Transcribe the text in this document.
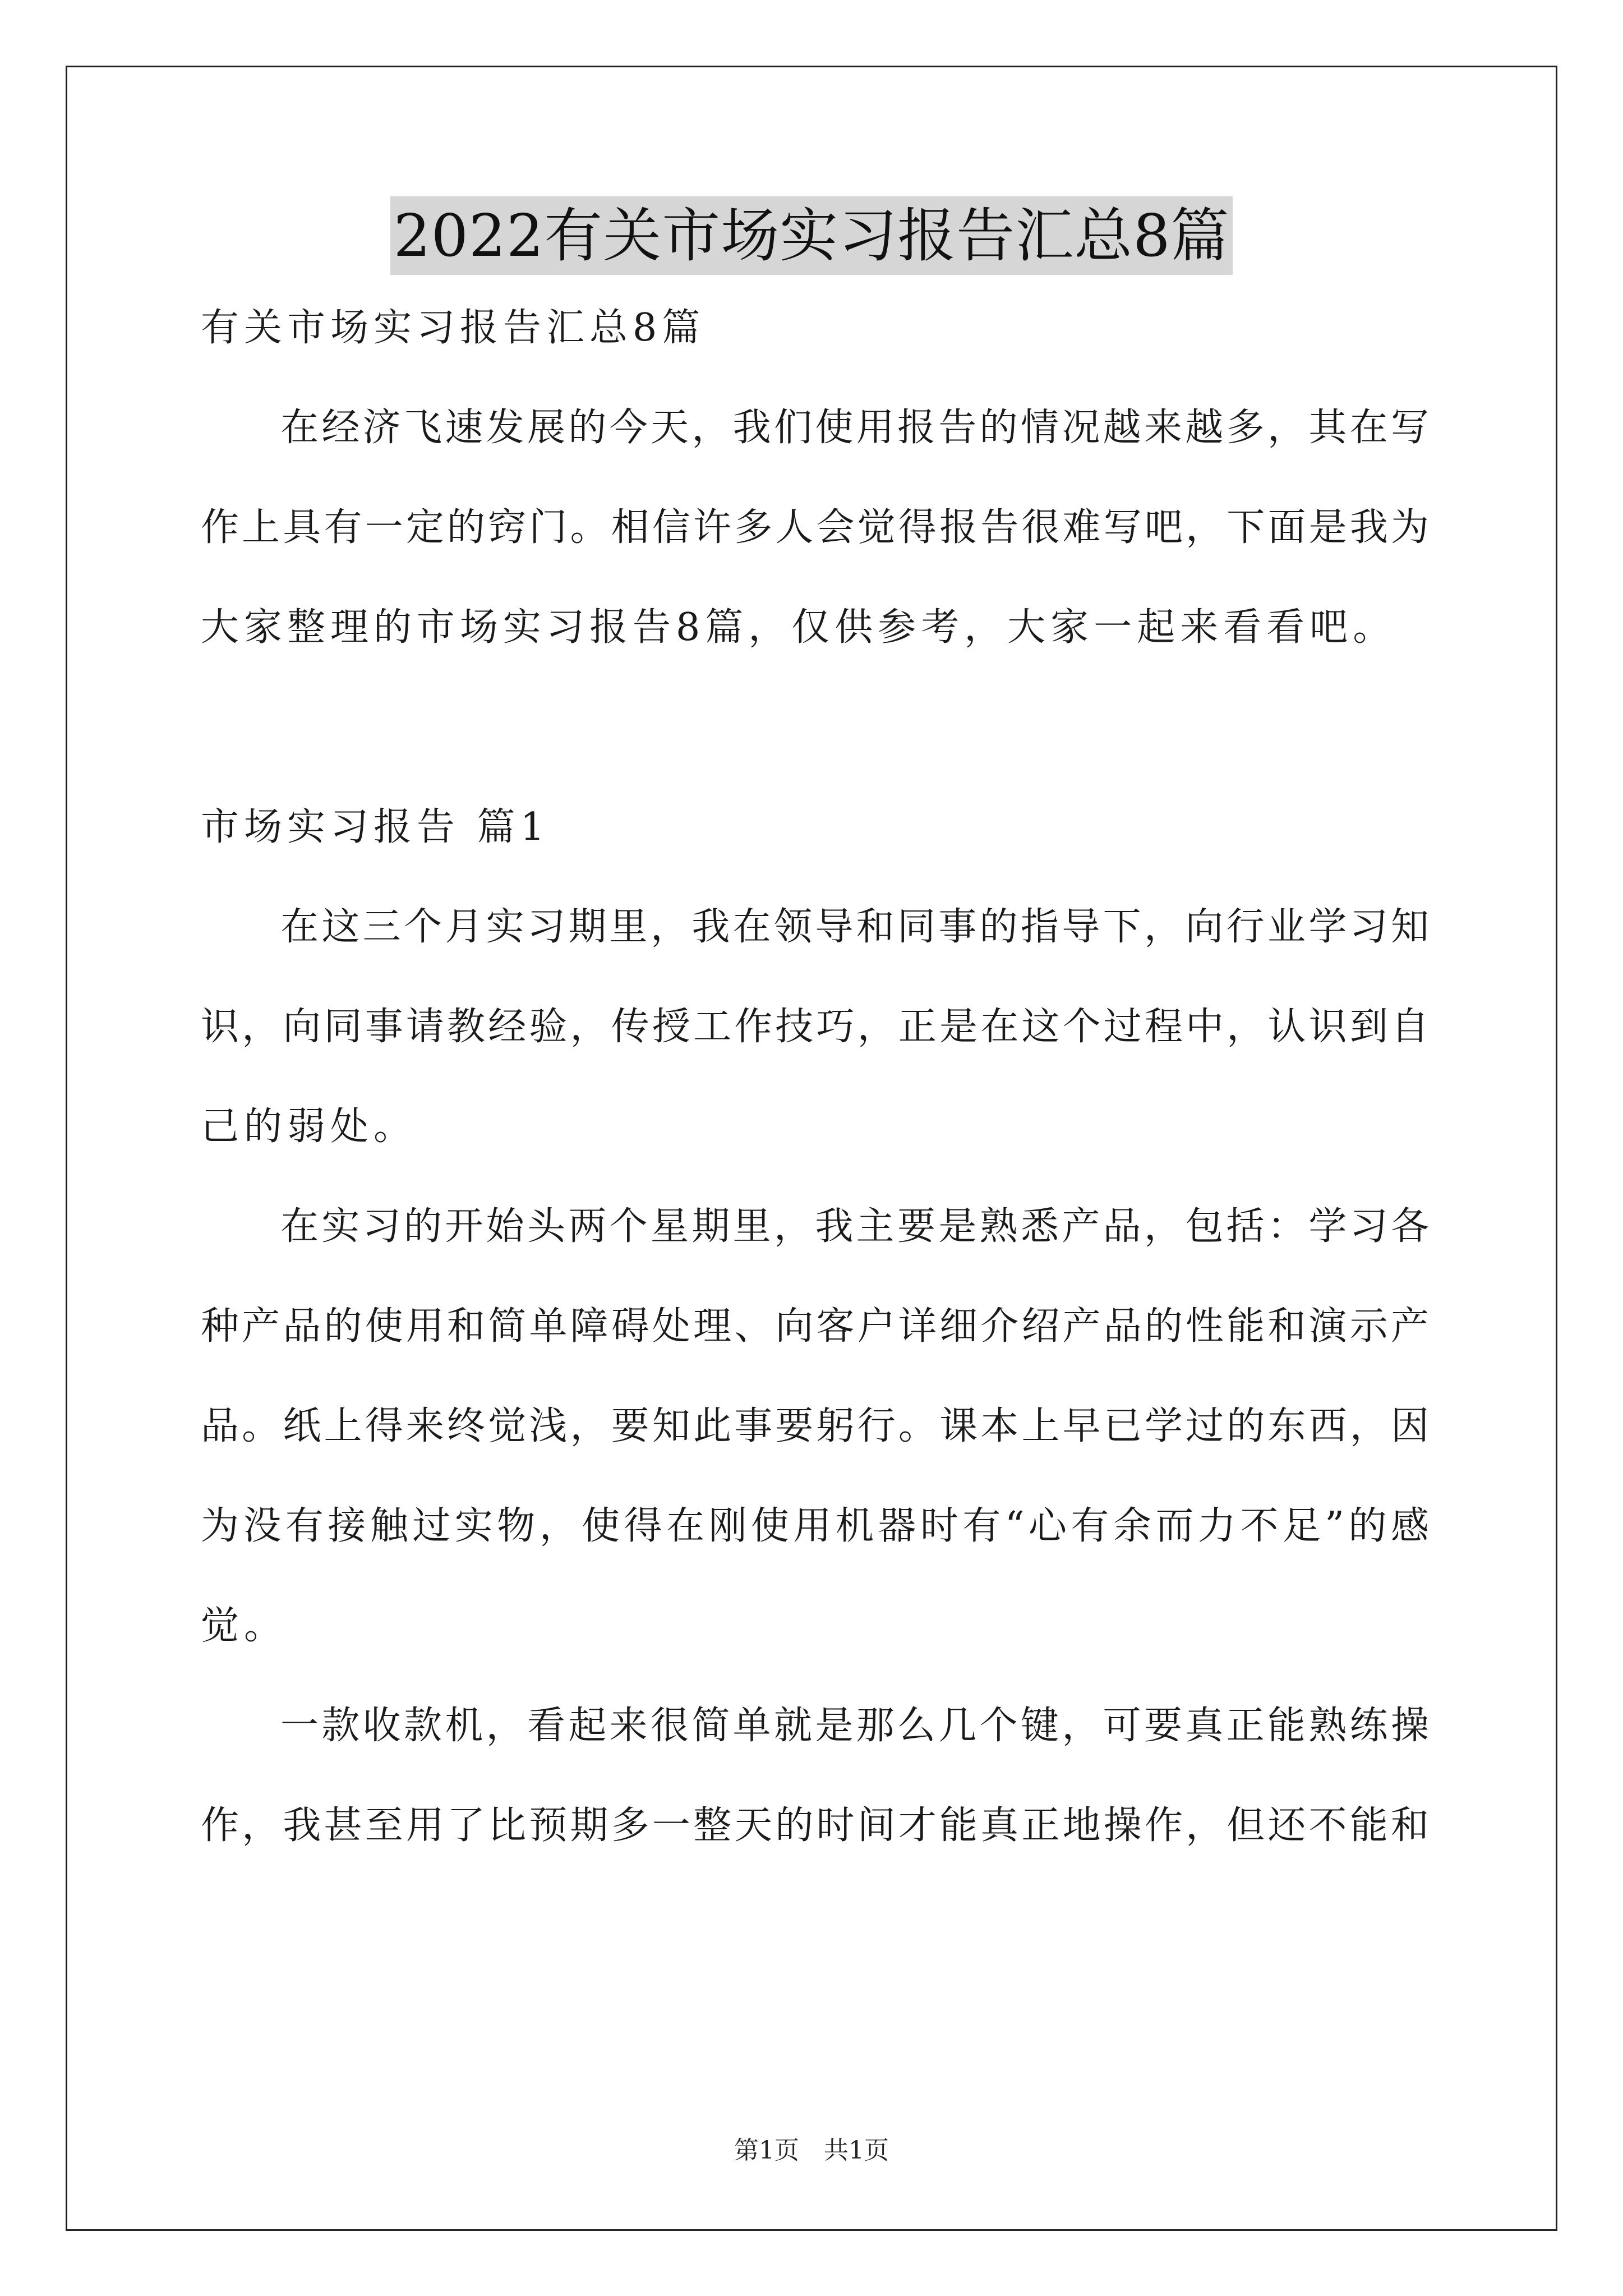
2022有关市场实习报告汇总8篇
有关市场实习报告汇总8篇
在经济飞速发展的今天，我们使用报告的情况越来越多，其在写
作上具有一定的窍门。相信许多人会觉得报告很难写吧，下面是我为
大家整理的市场实习报告8篇，仅供参考，大家一起来看看吧。
市场实习报告 篇1
在这三个月实习期里，我在领导和同事的指导下，向行业学习知
识，向同事请教经验，传授工作技巧，正是在这个过程中，认识到自
己的弱处。
在实习的开始头两个星期里，我主要是熟悉产品，包括：学习各
种产品的使用和简单障碍处理、向客户详细介绍产品的性能和演示产
品。纸上得来终觉浅，要知此事要躬行。课本上早已学过的东西，因
为没有接触过实物，使得在刚使用机器时有“心有余而力不足”的感
觉。
一款收款机，看起来很简单就是那么几个键，可要真正能熟练操
作，我甚至用了比预期多一整天的时间才能真正地操作，但还不能和
第1页 共1页
